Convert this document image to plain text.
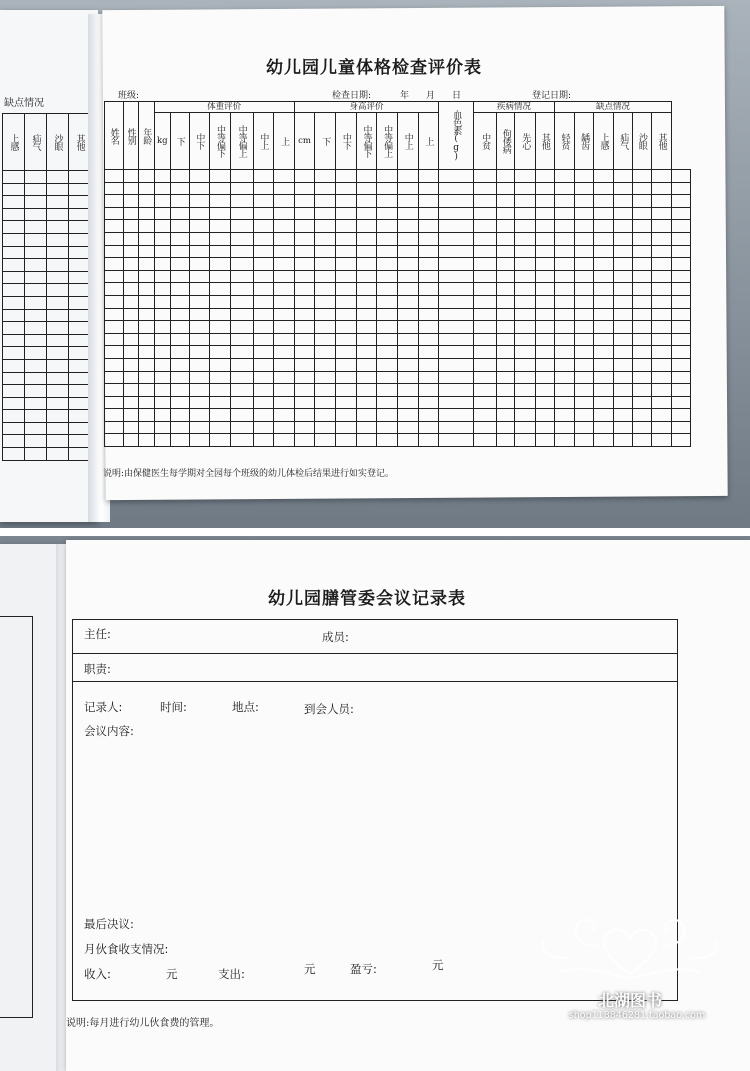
缺点情况
上感	疝气	沙眼	其他

幼儿园儿童体格检查评价表
班级:	检查日期:	年 月 日	登记日期:
姓名	性别	年龄	体重评价							身高评价							血色素(g)	疾病情况				缺点情况						

			kg	下	中下	中等偏下	中等偏上	中上	上	cm	下	中下	中等偏下	中等偏上	中上	上		中贫	佝偻病	先心	其他	轻贫	龋齿	上感	疝气	沙眼	其他	

说明:由保健医生每学期对全园每个班级的幼儿体检后结果进行如实登记。
幼儿园膳管委会议记录表
主任:	成员:
职责:
记录人:	时间:	地点:	到会人员:
会议内容:
最后决议:
月伙食收支情况:
收入:	元	支出:	元	盈亏:	元
说明:每月进行幼儿伙食费的管理。
北湖图书
shop118846281.taobao.com
